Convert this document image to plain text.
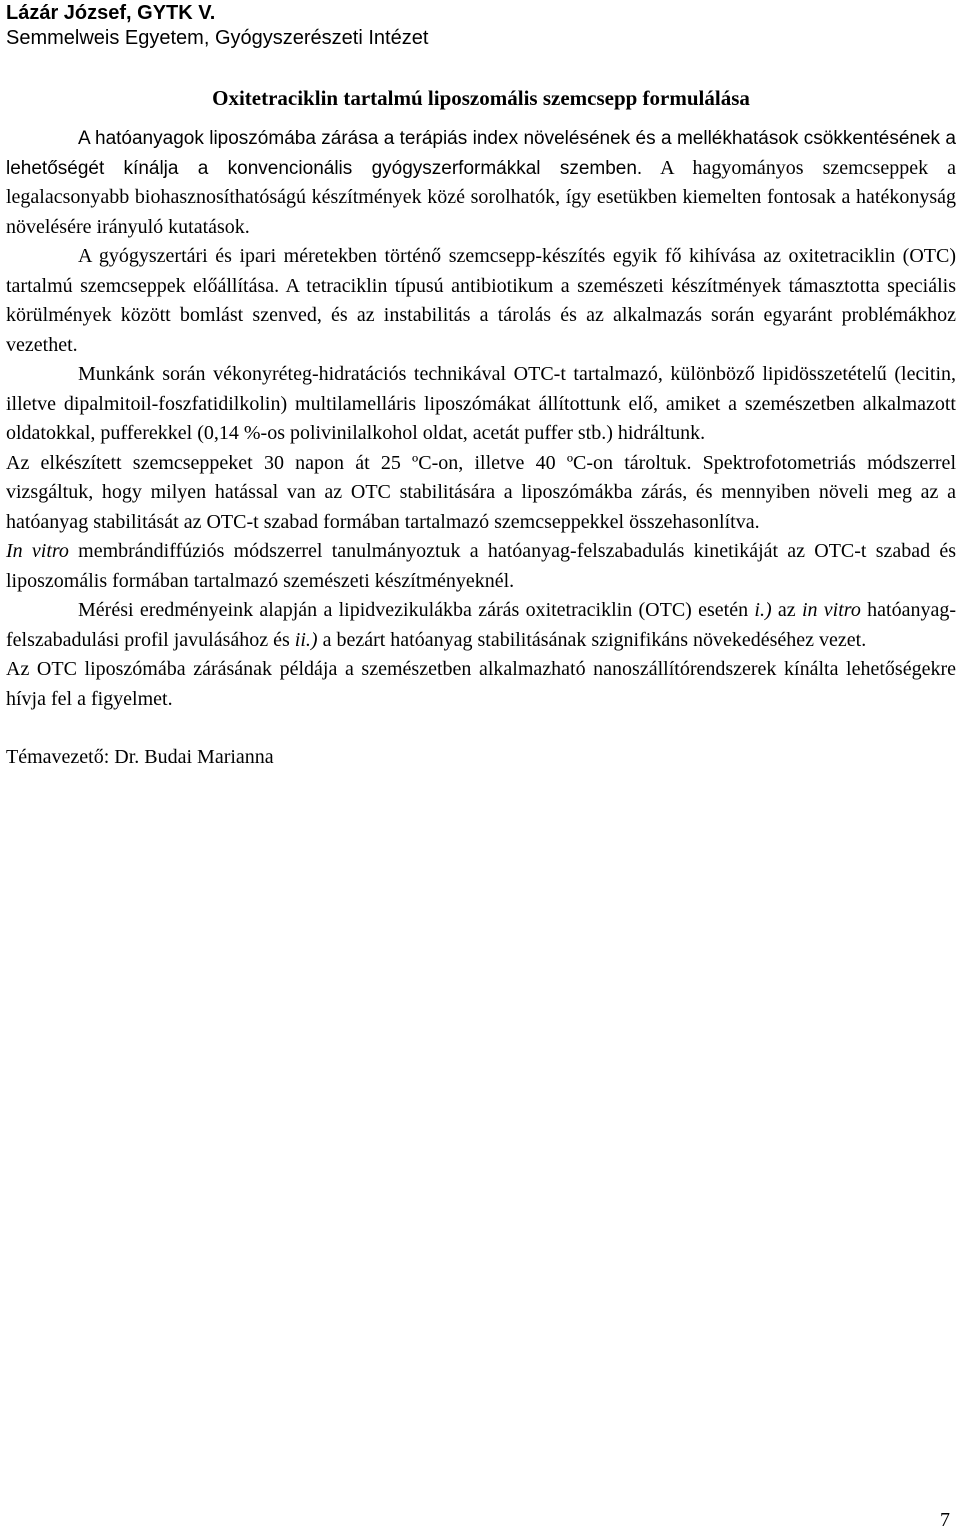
Lázár József, GYTK V.

Semmelweis Egyetem, Gyógyszerészeti Intézet

Oxitetraciklin tartalmú liposzomális szemcsepp formulálása

A hatóanyagok liposzómába zárása a terápiás index növelésének és a mellékhatások csökkentésének a lehetőségét kínálja a konvencionális gyógyszerformákkal szemben. A hagyományos szemcseppek a legalacsonyabb biohasznosíthatóságú készítmények közé sorolhatók, így esetükben kiemelten fontosak a hatékonyság növelésére irányuló kutatások.

A gyógyszertári és ipari méretekben történő szemcsepp-készítés egyik fő kihívása az oxitetraciklin (OTC) tartalmú szemcseppek előállítása. A tetraciklin típusú antibiotikum a szemészeti készítmények támasztotta speciális körülmények között bomlást szenved, és az instabilitás a tárolás és az alkalmazás során egyaránt problémákhoz vezethet.

Munkánk során vékonyréteg-hidratációs technikával OTC-t tartalmazó, különböző lipidösszetételű (lecitin, illetve dipalmitoil-foszfatidilkolin) multilamelláris liposzómákat állítottunk elő, amiket a szemészetben alkalmazott oldatokkal, pufferekkel (0,14 %-os polivinilalkohol oldat, acetát puffer stb.) hidráltunk.

Az elkészített szemcseppeket 30 napon át 25 ºC-on, illetve 40 ºC-on tároltuk. Spektrofotometriás módszerrel vizsgáltuk, hogy milyen hatással van az OTC stabilitására a liposzómákba zárás, és mennyiben növeli meg az a hatóanyag stabilitását az OTC-t szabad formában tartalmazó szemcseppekkel összehasonlítva.

In vitro membrándiffúziós módszerrel tanulmányoztuk a hatóanyag-felszabadulás kinetikáját az OTC-t szabad és liposzomális formában tartalmazó szemészeti készítményeknél.

Mérési eredményeink alapján a lipidvezikulákba zárás oxitetraciklin (OTC) esetén i.) az in vitro hatóanyag-felszabadulási profil javulásához és ii.) a bezárt hatóanyag stabilitásának szignifikáns növekedéséhez vezet.

Az OTC liposzómába zárásának példája a szemészetben alkalmazható nanoszállítórendszerek kínálta lehetőségekre hívja fel a figyelmet.

Témavezető: Dr. Budai Marianna

7
